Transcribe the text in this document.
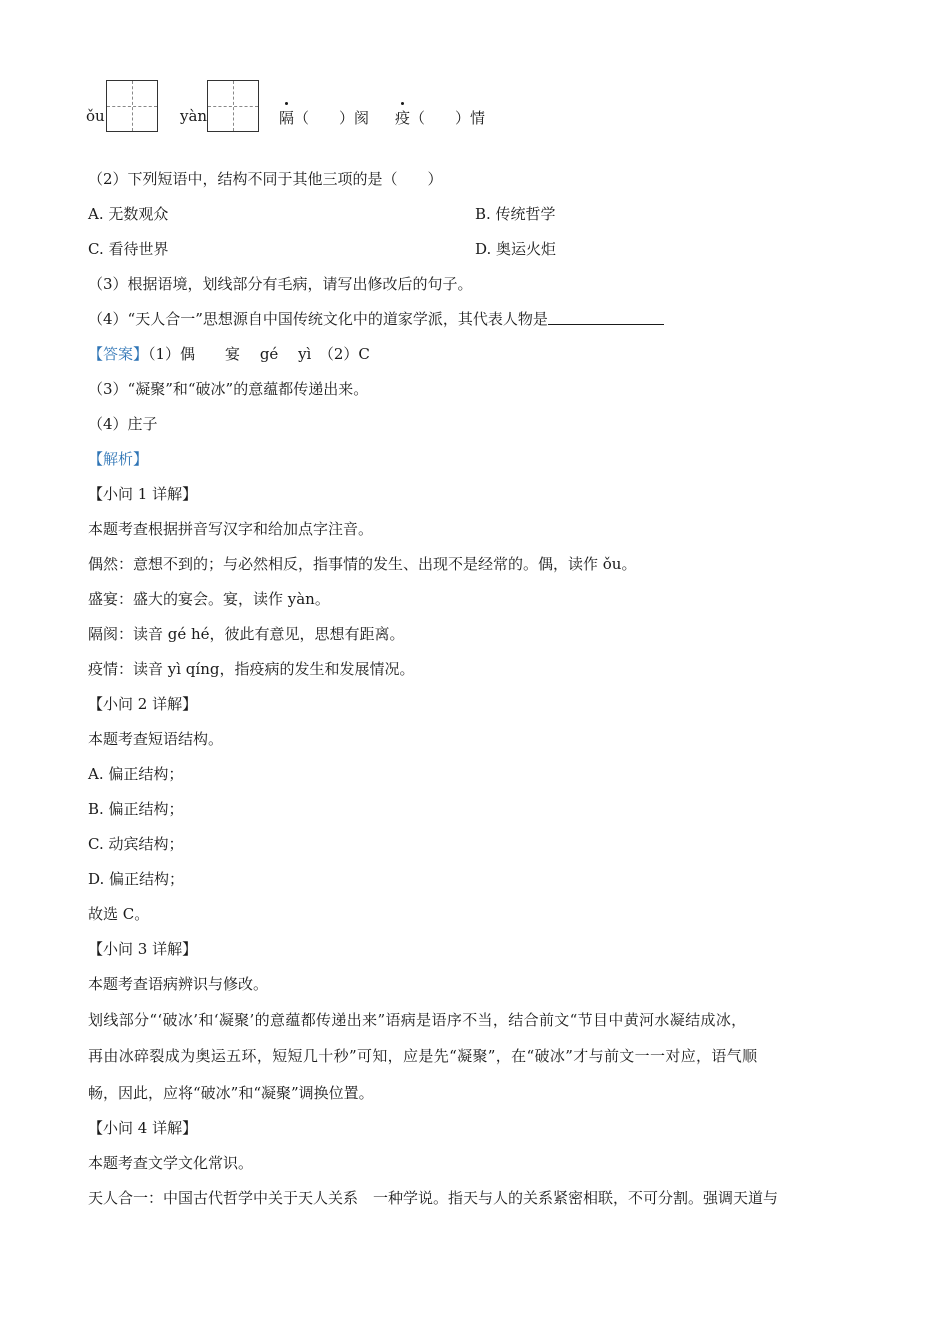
ǒu	yàn	隔（　　）阂 疫（　　）情
（2）下列短语中，结构不同于其他三项的是（　　）
A. 无数观众	B. 传统哲学
C. 看待世界	D. 奥运火炬
（3）根据语境，划线部分有毛病，请写出修改后的句子。
（4）“天人合一”思想源自中国传统文化中的道家学派，其代表人物是
【答案】（1）偶　　宴　 gé　 yì　（2）C
（3）“凝聚”和“破冰”的意蕴都传递出来。
（4）庄子
【解析】
【小问 1 详解】
本题考查根据拼音写汉字和给加点字注音。
偶然：意想不到的；与必然相反，指事情的发生、出现不是经常的。偶，读作 ǒu。
盛宴：盛大的宴会。宴，读作 yàn。
隔阂：读音 gé hé，彼此有意见，思想有距离。
疫情：读音 yì qíng，指疫病的发生和发展情况。
【小问 2 详解】
本题考查短语结构。
A. 偏正结构；
B. 偏正结构；
C. 动宾结构；
D. 偏正结构；
故选 C。
【小问 3 详解】
本题考查语病辨识与修改。
划线部分“‘破冰’和‘凝聚’的意蕴都传递出来”语病是语序不当，结合前文“节目中黄河水凝结成冰，
再由冰碎裂成为奥运五环，短短几十秒”可知，应是先“凝聚”，在“破冰”才与前文一一对应，语气顺
畅，因此，应将“破冰”和“凝聚”调换位置。
【小问 4 详解】
本题考查文学文化常识。
天人合一：中国古代哲学中关于天人关系　一种学说。指天与人的关系紧密相联，不可分割。强调天道与
